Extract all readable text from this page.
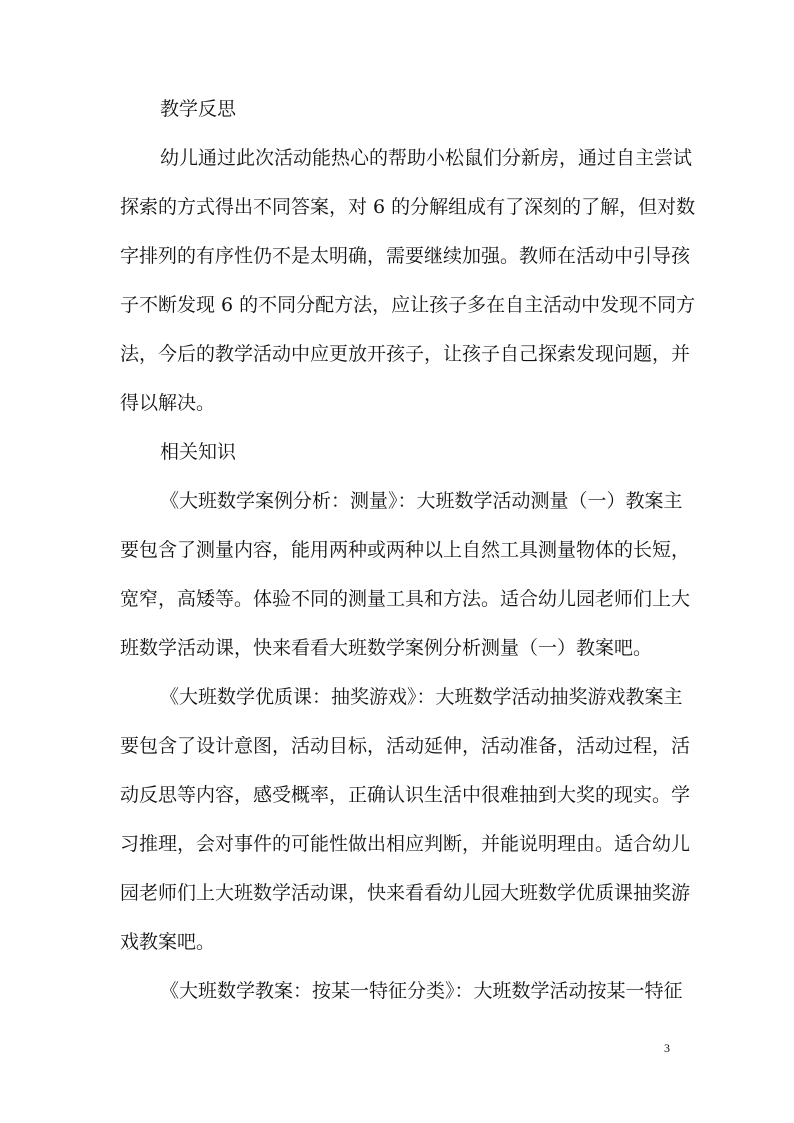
教学反思
幼儿通过此次活动能热心的帮助小松鼠们分新房，通过自主尝试
探索的方式得出不同答案，对 6 的分解组成有了深刻的了解，但对数
字排列的有序性仍不是太明确，需要继续加强。教师在活动中引导孩
子不断发现 6 的不同分配方法，应让孩子多在自主活动中发现不同方
法，今后的教学活动中应更放开孩子，让孩子自己探索发现问题，并
得以解决。
相关知识
《大班数学案例分析：测量》：大班数学活动测量（一）教案主
要包含了测量内容，能用两种或两种以上自然工具测量物体的长短，
宽窄，高矮等。体验不同的测量工具和方法。适合幼儿园老师们上大
班数学活动课，快来看看大班数学案例分析测量（一）教案吧。
《大班数学优质课：抽奖游戏》：大班数学活动抽奖游戏教案主
要包含了设计意图，活动目标，活动延伸，活动准备，活动过程，活
动反思等内容，感受概率，正确认识生活中很难抽到大奖的现实。学
习推理，会对事件的可能性做出相应判断，并能说明理由。适合幼儿
园老师们上大班数学活动课，快来看看幼儿园大班数学优质课抽奖游
戏教案吧。
《大班数学教案：按某一特征分类》：大班数学活动按某一特征
3
